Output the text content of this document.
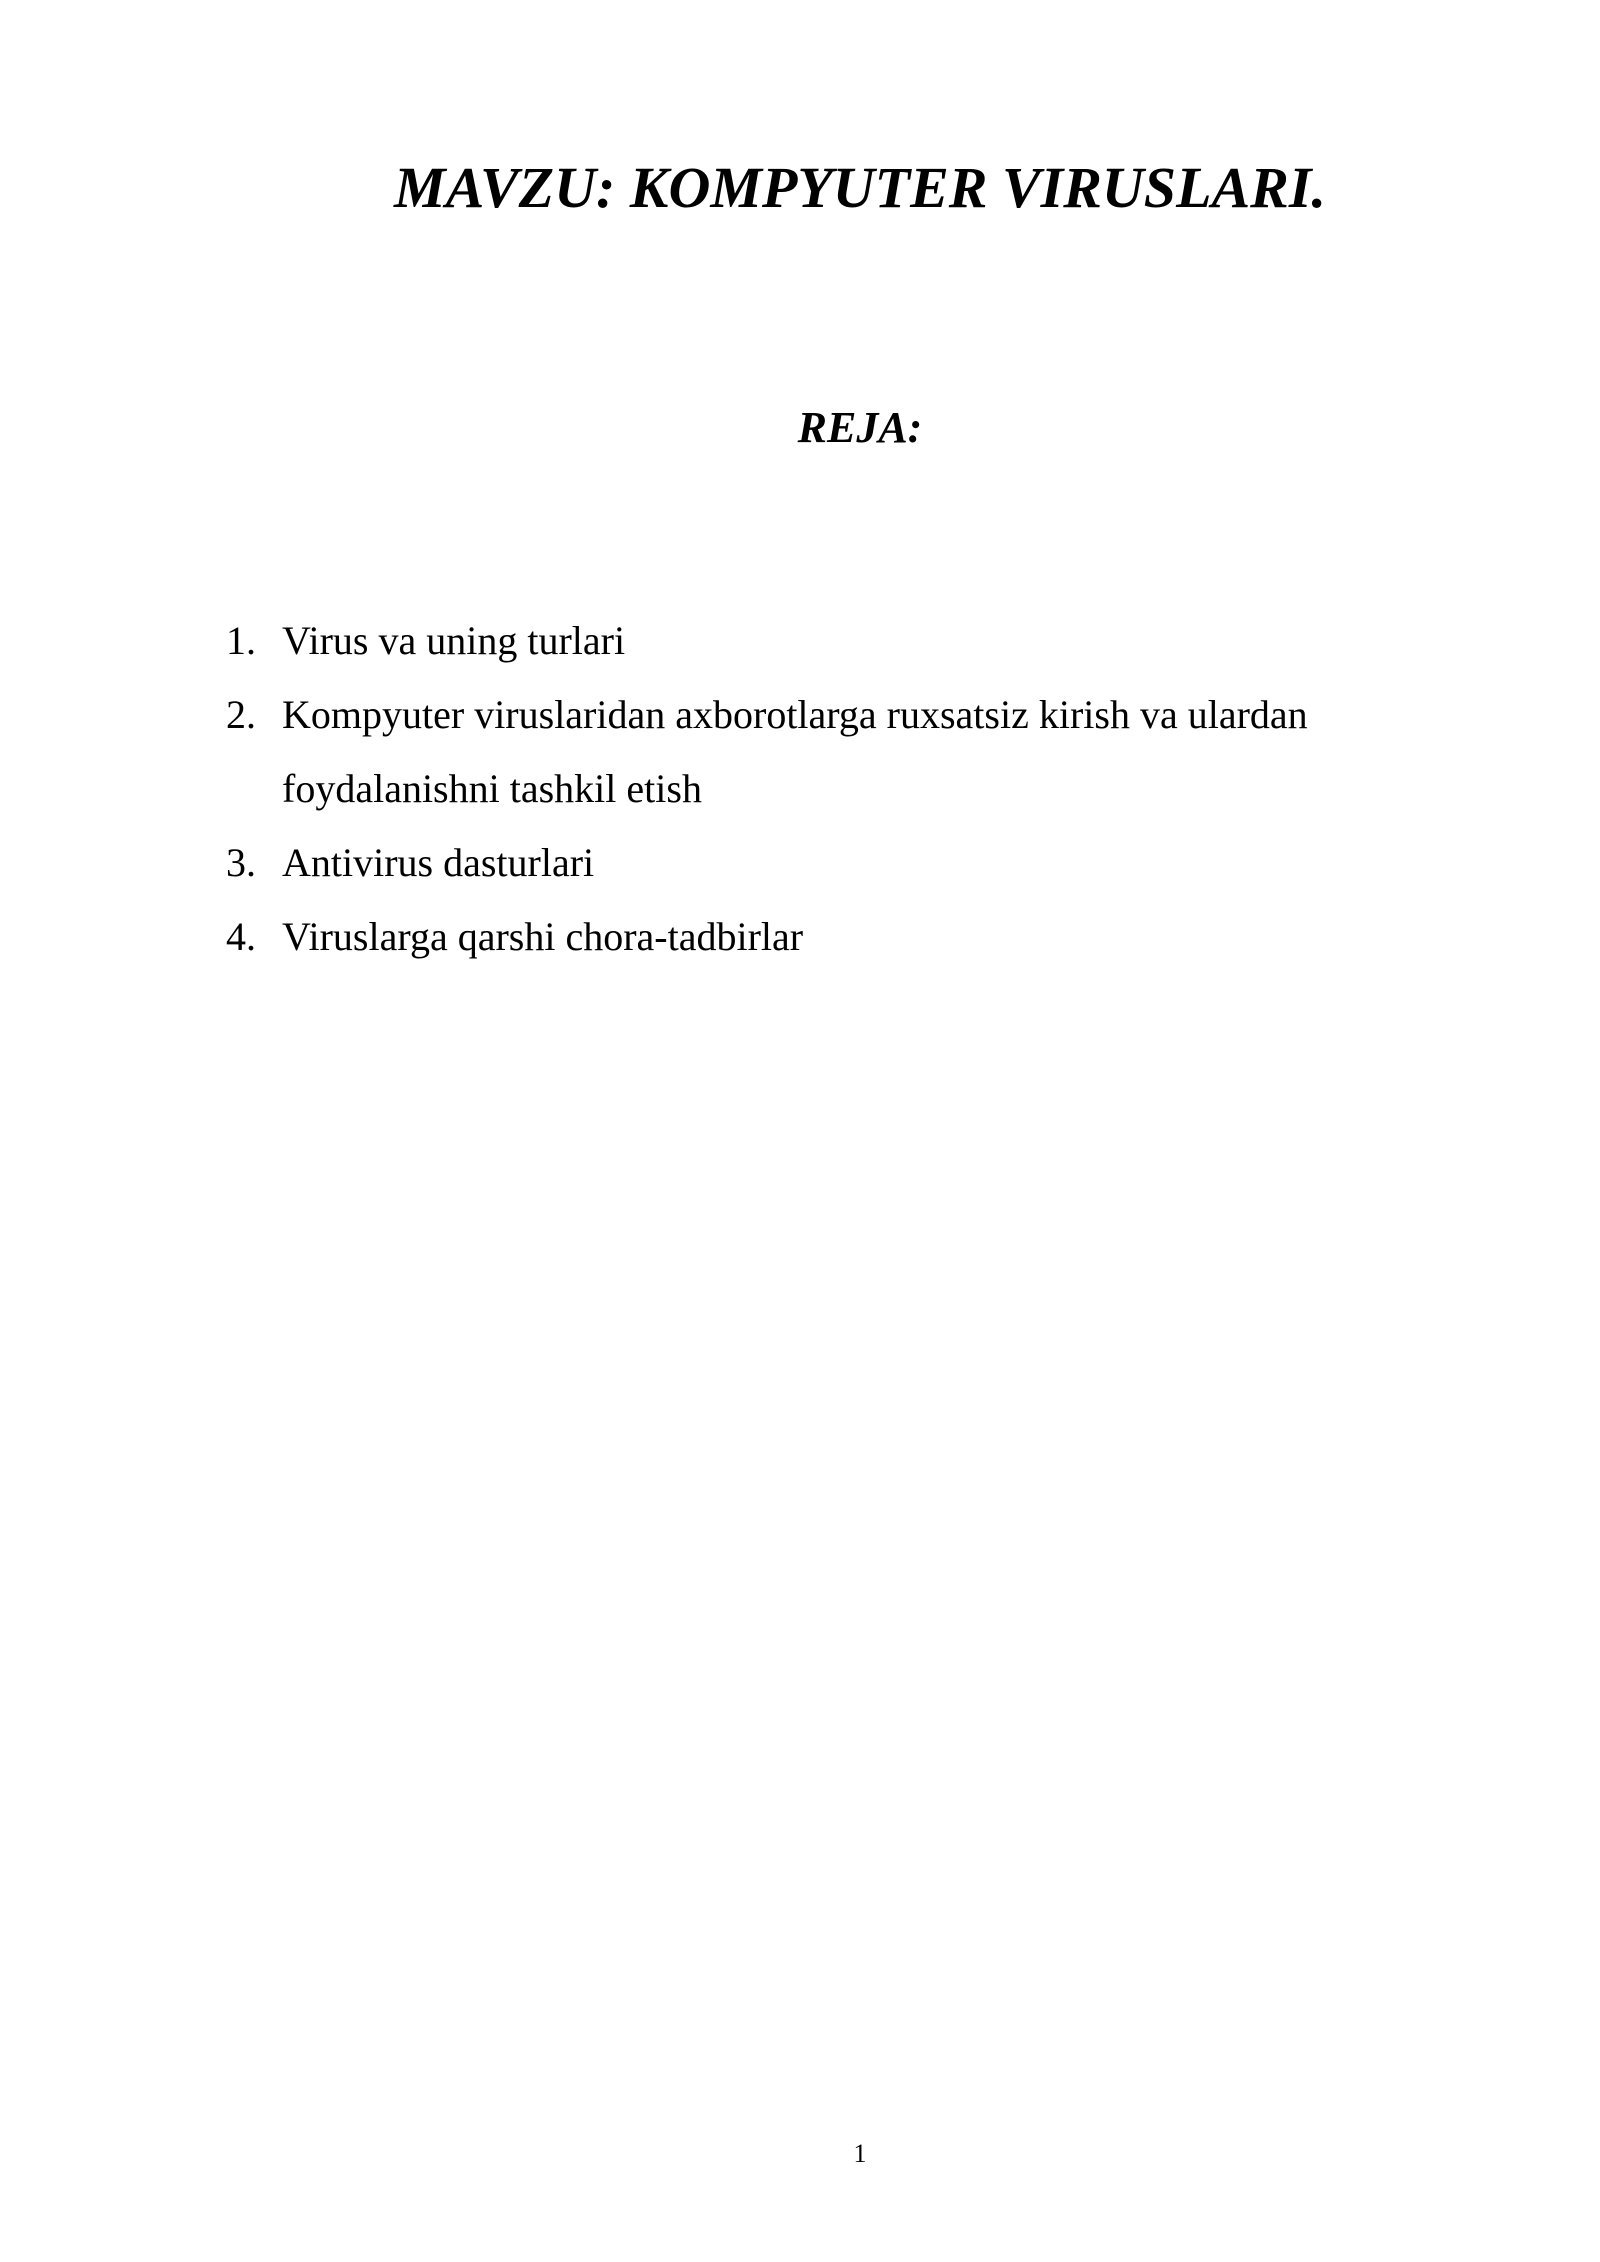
MAVZU: KOMPYUTER VIRUSLARI.
REJA:
1. Virus va uning turlari
2. Kompyuter viruslaridan axborotlarga ruxsatsiz kirish va ulardan foydalanishni tashkil etish
3. Antivirus dasturlari
4. Viruslarga qarshi chora-tadbirlar
1
